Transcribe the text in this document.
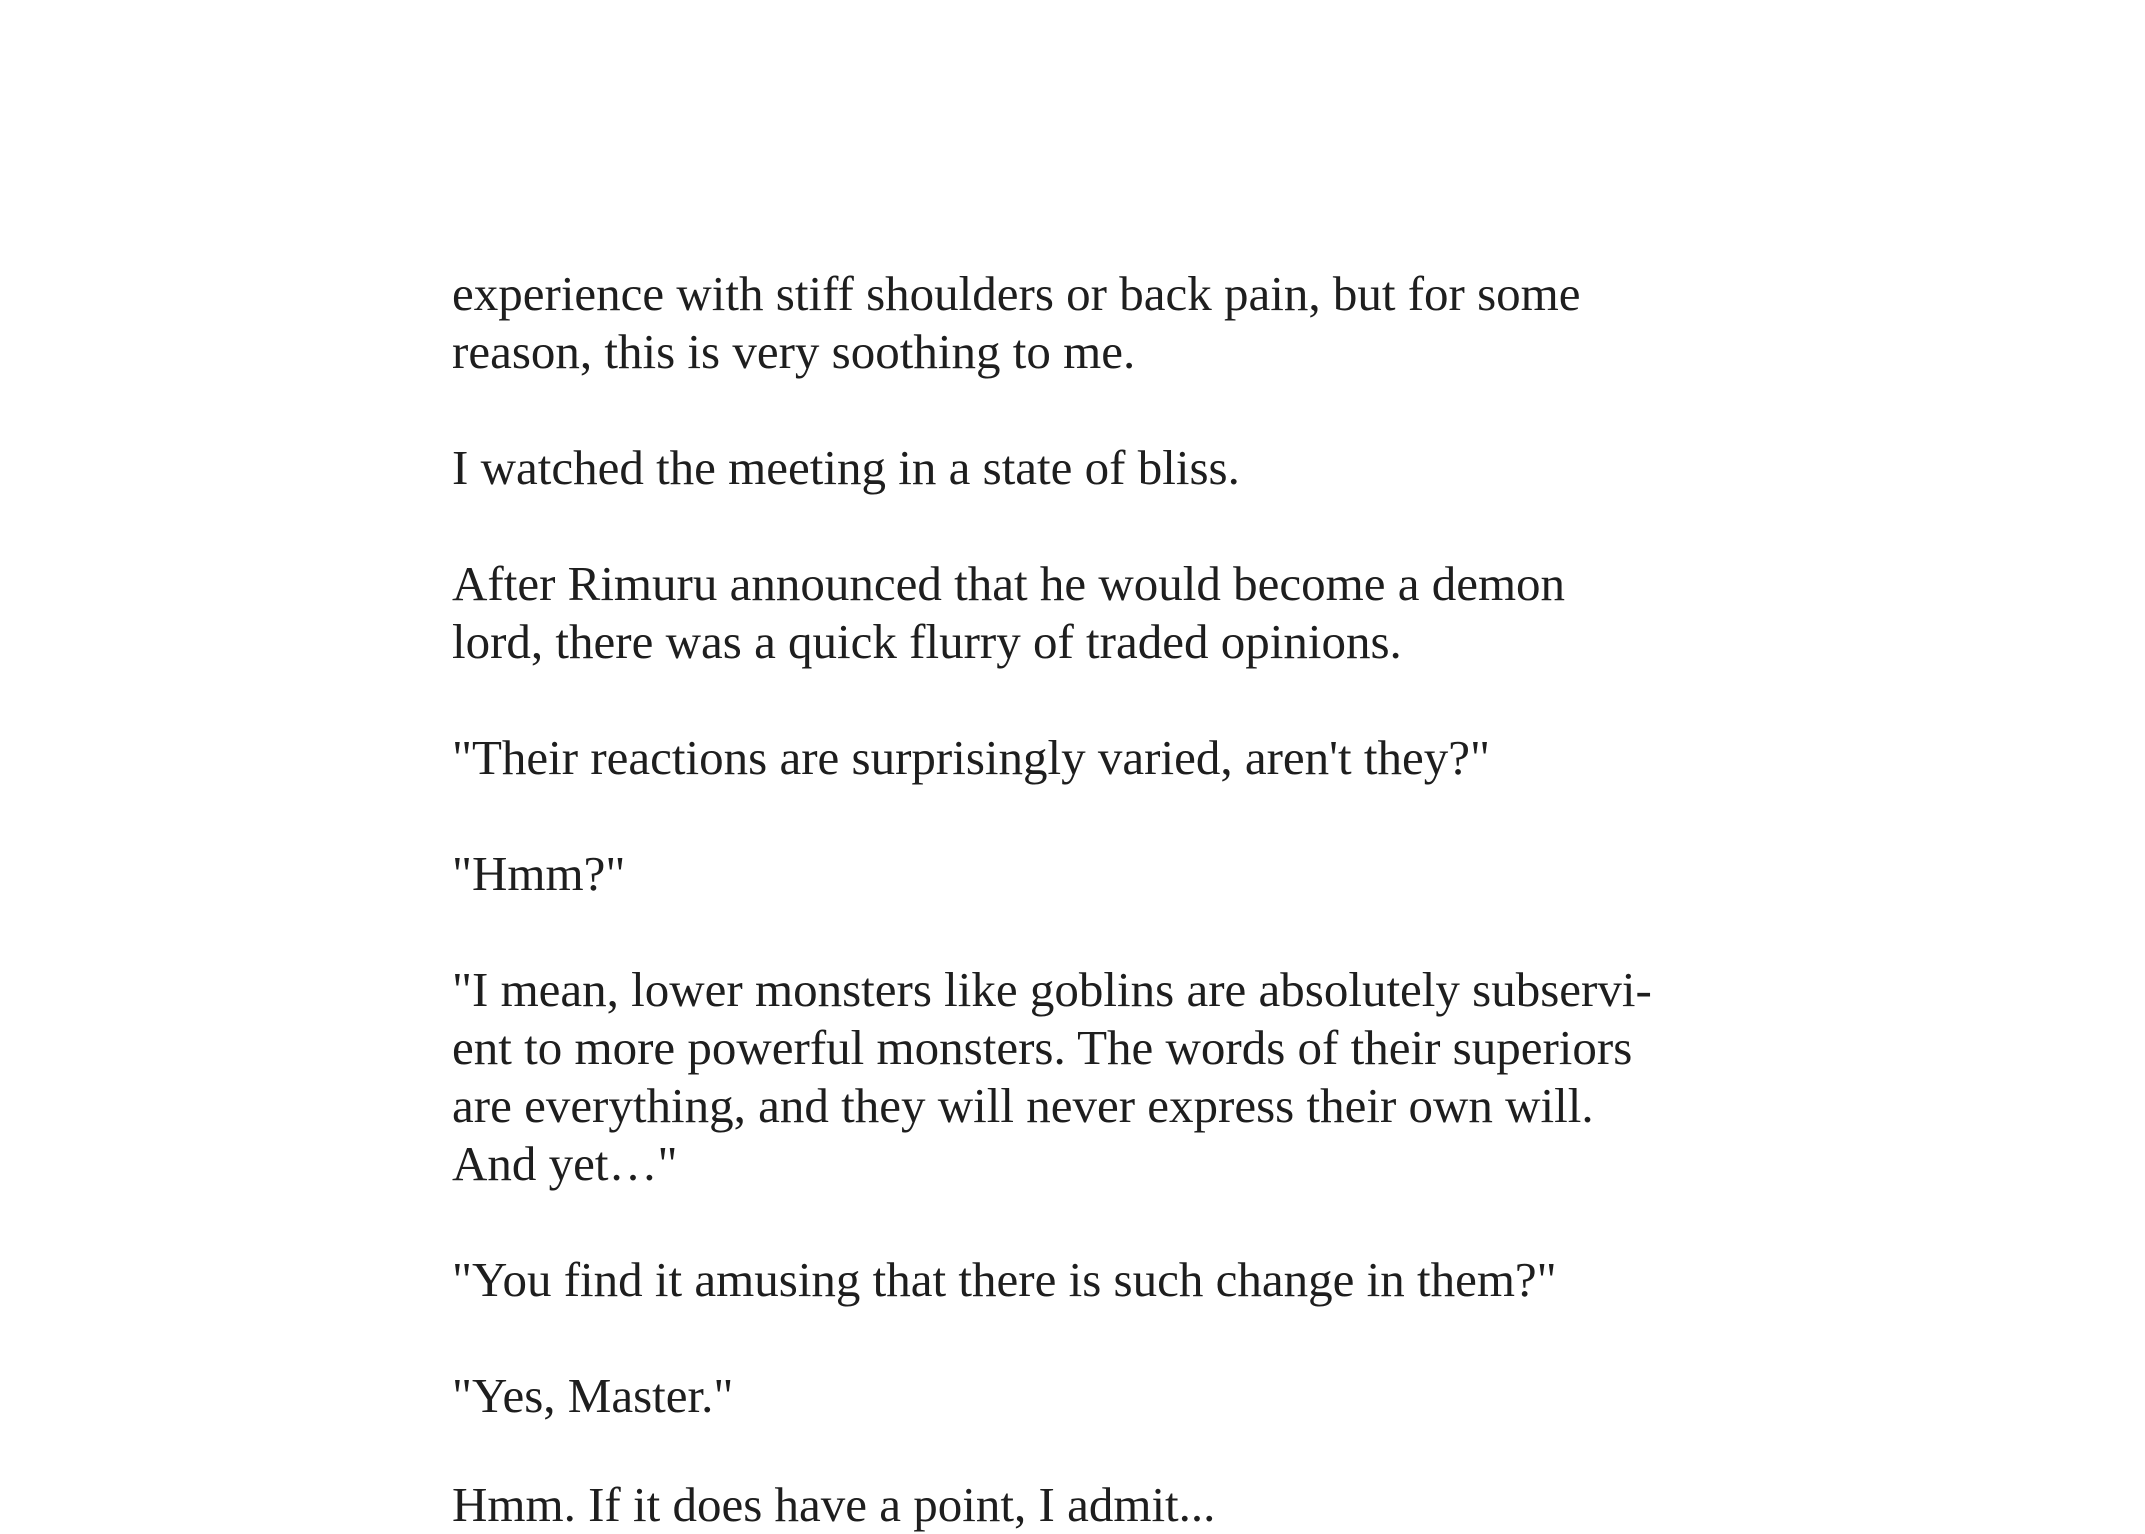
experience with stiff shoulders or back pain, but for some
reason, this is very soothing to me.

I watched the meeting in a state of bliss.

After Rimuru announced that he would become a demon
lord, there was a quick flurry of traded opinions.

"Their reactions are surprisingly varied, aren't they?"

"Hmm?"

"I mean, lower monsters like goblins are absolutely subservi-
ent to more powerful monsters. The words of their superiors
are everything, and they will never express their own will.
And yet…"

"You find it amusing that there is such change in them?"

"Yes, Master."

Hmm. If it does have a point, I admit...
